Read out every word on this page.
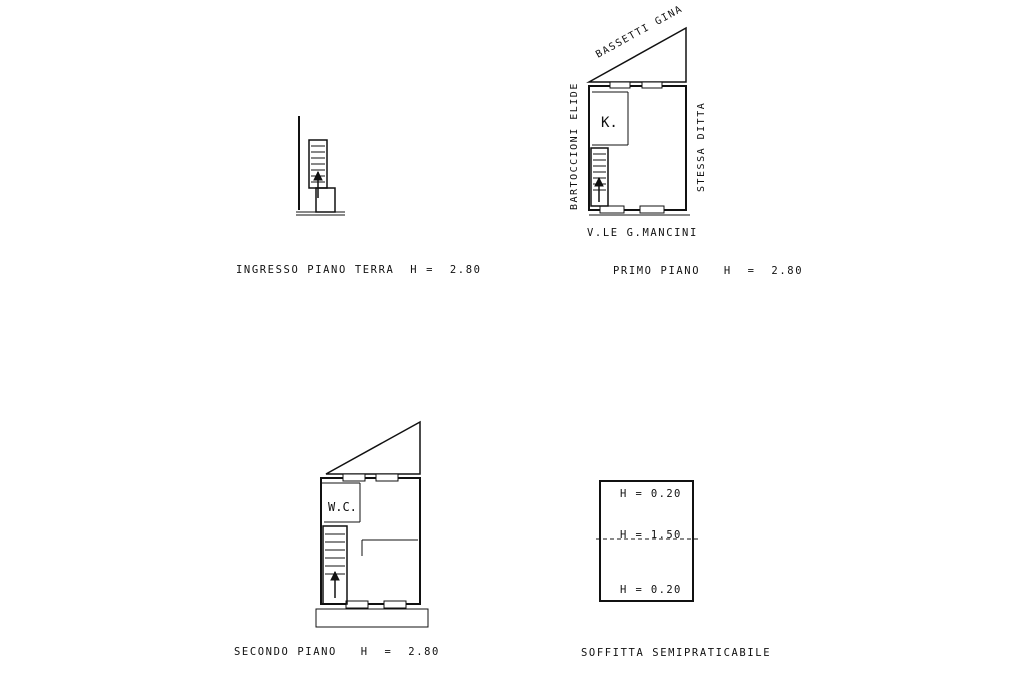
BASSETTI GINA
BARTOCCIONI ELIDE	STESSA DITTA
V.LE G.MANCINI
K.
W.C.
H = 0.20
H = 1.50
H = 0.20
INGRESSO PIANO TERRA  H =  2.80	PRIMO PIANO   H  =  2.80
SECONDO PIANO   H  =  2.80	SOFFITTA SEMIPRATICABILE
